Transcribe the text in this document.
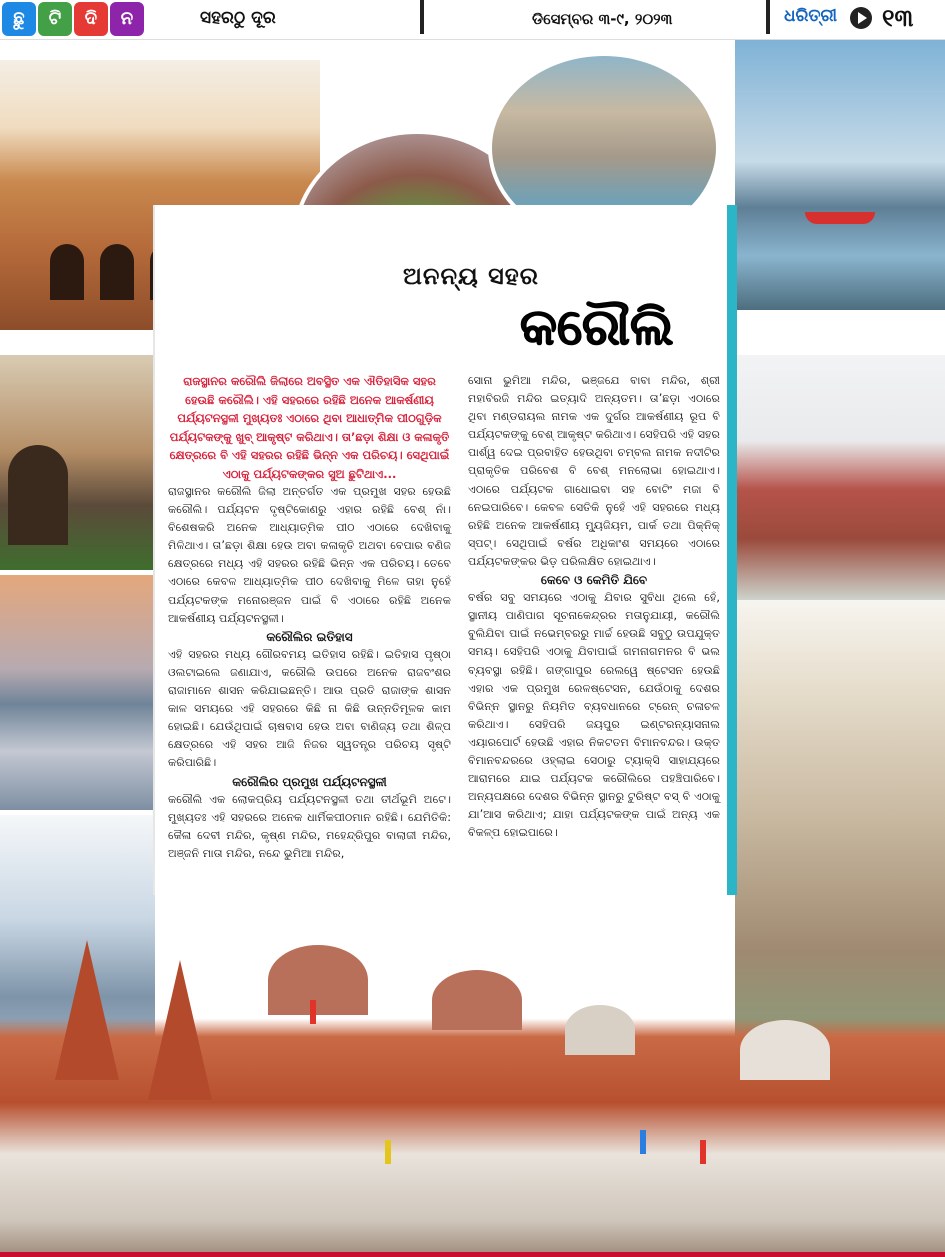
ଛୁ	ଟି	ଦି	ନ	ସହରଠୁ ଦୂର	ଡିସେମ୍ବର ୩-୯, ୨୦୨୩	ଧରିତ୍ରୀ ୧୩
ଅନନ୍ୟ ସହର
କରୌଲି

ରାଜସ୍ଥାନର କରୌଲି ଜିଲାରେ ଅବସ୍ଥିତ ଏକ ଐତିହାସିକ ସହର ହେଉଛି କରୌଲି। ଏହି ସହରରେ ରହିଛି ଅନେକ ଆକର୍ଷଣୀୟ ପର୍ଯ୍ୟଟନସ୍ଥଳୀ ମୁଖ୍ୟତଃ ଏଠାରେ ଥିବା ଆଧାତ୍ମିକ ପୀଠଗୁଡ଼ିକ ପର୍ଯ୍ୟଟକଙ୍କୁ ଖୁବ୍ ଆକୃଷ୍ଟ କରିଥାଏ। ତା’ଛଡ଼ା ଶିକ୍ଷା ଓ କଳାକୃତି କ୍ଷେତ୍ରରେ ବି ଏହି ସହରର ରହିଛି ଭିନ୍ନ ଏକ ପରିଚୟ। ସେଥିପାଇଁ ଏଠାକୁ ପର୍ଯ୍ୟଟକଙ୍କର ସୁଅ ଛୁଟିଥାଏ...

ରାଜସ୍ଥାନର କରୌଲି ଜିଲା ଅନ୍ତର୍ଗତ ଏକ ପ୍ରମୁଖ ସହର ହେଉଛି କରୌଲି। ପର୍ଯ୍ୟଟନ ଦୃଷ୍ଟିକୋଣରୁ ଏହାର ରହିଛି ବେଶ୍ ନାଁ। ବିଶେଷକରି ଅନେକ ଆଧ୍ୟାତ୍ମିକ ପୀଠ ଏଠାରେ ଦେଖିବାକୁ ମିଳିଥାଏ। ତା’ଛଡ଼ା ଶିକ୍ଷା ହେଉ ଅବା କଳାକୃତି ଅଥବା ବେପାର ବଣିଜ କ୍ଷେତ୍ରରେ ମଧ୍ୟ ଏହି ସହରର ରହିଛି ଭିନ୍ନ ଏକ ପରିଚୟ। ତେବେ ଏଠାରେ କେବଳ ଆଧ୍ୟାତ୍ମିକ ପୀଠ ଦେଖିବାକୁ ମିଳେ ତାହା ନୁହେଁ ପର୍ଯ୍ୟଟକଙ୍କ ମନୋରଞ୍ଜନ ପାଇଁ ବି ଏଠାରେ ରହିଛି ଅନେକ ଆକର୍ଷଣୀୟ ପର୍ଯ୍ୟଟନସ୍ଥଳୀ।

କରୌଲିର ଇତିହାସ

ଏହି ସହରର ମଧ୍ୟ ଗୌରବମୟ ଇତିହାସ ରହିଛି। ଇତିହାସ ପୃଷ୍ଠା ଓଲଟାଇଲେ ଜଣାଯାଏ, କରୌଲି ଉପରେ ଅନେକ ରାଜବଂଶର ରାଜାମାନେ ଶାସନ କରିଯାଇଛନ୍ତି। ଆଉ ପ୍ରତି ରାଜାଙ୍କ ଶାସନ କାଳ ସମୟରେ ଏହି ସହରରେ କିଛି ନା କିଛି ଉନ୍ନତିମୂଳକ କାମ ହୋଇଛି। ଯେଉଁଥିପାଇଁ ଚାଷବାସ ହେଉ ଅବା ବାଣିଜ୍ୟ ତଥା ଶିଳ୍ପ କ୍ଷେତ୍ରରେ ଏହି ସହର ଆଜି ନିଜର ସ୍ୱତନ୍ତ୍ର ପରିଚୟ ସୃଷ୍ଟି କରିପାରିଛି।

କରୌଲିର ପ୍ରମୁଖ ପର୍ଯ୍ୟଟନସ୍ଥଳୀ

କରୌଲି ଏକ ଲୋକପ୍ରିୟ ପର୍ଯ୍ୟଟନସ୍ଥଳୀ ତଥା ତୀର୍ଥଭୂମି ଅଟେ। ମୁଖ୍ୟତଃ ଏହି ସହରରେ ଅନେକ ଧାର୍ମିକପୀଠମାନ ରହିଛି। ଯେମିତିକି: କୈଳା ଦେବୀ ମନ୍ଦିର, କୃଷ୍ଣ ମନ୍ଦିର, ମହେନ୍ଦ୍ରିପୁର ବାଲାଜୀ ମନ୍ଦିର, ଅଞ୍ଜନି ମାତା ମନ୍ଦିର, ନନ୍ଦେ ଭୁମିଆ ମନ୍ଦିର,

ସୋନା ଭୁମିଆ ମନ୍ଦିର, ଭଞ୍ଜଯେ ବାବା ମନ୍ଦିର, ଶ୍ରୀ ମହାବିରଜି ମନ୍ଦିର ଇତ୍ୟାଦି ଅନ୍ୟତମ। ତା’ଛଡ଼ା ଏଠାରେ ଥିବା ମଣ୍ଡରାୟଲ ନାମକ ଏକ ଦୁର୍ଗର ଆକର୍ଷଣୀୟ ରୂପ ବି ପର୍ଯ୍ୟଟକଙ୍କୁ ବେଶ୍ ଆକୃଷ୍ଟ କରିଥାଏ। ସେହିପରି ଏହି ସହର ପାର୍ଶ୍ୱ ଦେଇ ପ୍ରବାହିତ ହେଉଥିବା ଚମ୍ବଲ ନାମକ ନଦୀଟିର ପ୍ରାକୃତିକ ପରିବେଶ ବି ବେଶ୍ ମନଲୋଭା ହୋଇଥାଏ। ଏଠାରେ ପର୍ଯ୍ୟଟକ ଗାଧୋଇବା ସହ ବୋଟିଂ ମଜା ବି ନେଇପାରିବେ। କେବଳ ସେତିକି ନୁହେଁ ଏହି ସହରରେ ମଧ୍ୟ ରହିଛି ଅନେକ ଆକର୍ଷଣୀୟ ମ୍ୟୁଜିୟମ, ପାର୍କ ତଥା ପିକ୍‌ନିକ୍ ସ୍ପଟ୍। ସେଥିପାଇଁ ବର୍ଷର ଅଧିକାଂଶ ସମୟରେ ଏଠାରେ ପର୍ଯ୍ୟଟକଙ୍କର ଭିଡ଼ ପରିଲକ୍ଷିତ ହୋଇଥାଏ।

କେବେ ଓ କେମିତି ଯିବେ

ବର୍ଷର ସବୁ ସମୟରେ ଏଠାକୁ ଯିବାର ସୁବିଧା ଥିଲେ ହେଁ, ସ୍ଥାନୀୟ ପାଣିପାଗ ସୂଚନାକେନ୍ଦ୍ରର ମତାନୁଯାୟୀ, କରୌଲି ବୁଲିଯିବା ପାଇଁ ନଭେମ୍ବରରୁ ମାର୍ଚ୍ଚ ହେଉଛି ସବୁଠୁ ଉପଯୁକ୍ତ ସମୟ। ସେହିପରି ଏଠାକୁ ଯିବାପାଇଁ ଗମନାଗମନର ବି ଭଲ ବ୍ୟବସ୍ଥା ରହିଛି। ଗଙ୍ଗାପୁର ରେଲୱେ ଷ୍ଟେସନ ହେଉଛି ଏହାର ଏକ ପ୍ରମୁଖ ରେଳଷ୍ଟେସନ, ଯେଉଁଠାକୁ ଦେଶର ବିଭିନ୍ନ ସ୍ଥାନରୁ ନିୟମିତ ବ୍ୟବଧାନରେ ଟ୍ରେନ୍ ଚଳାଚଳ କରିଥାଏ। ସେହିପରି ଜୟପୁର ଇଣ୍ଟରନ୍ୟାସନାଲ ଏୟାରପୋର୍ଟ ହେଉଛି ଏହାର ନିକଟତମ ବିମାନବନ୍ଦର। ଉକ୍ତ ବିମାନବନ୍ଦରରେ ଓହ୍ଲାଇ ସେଠାରୁ ଟ୍ୟାକ୍ସି ସାହାଯ୍ୟରେ ଆରାମରେ ଯାଇ ପର୍ଯ୍ୟଟକ କରୌଲିରେ ପହଞ୍ଚିପାରିବେ। ଅନ୍ୟପକ୍ଷରେ ଦେଶର ବିଭିନ୍ନ ସ୍ଥାନରୁ ଟୁରିଷ୍ଟ ବସ୍ ବି ଏଠାକୁ ଯା’ଆସ କରିଥାଏ; ଯାହା ପର୍ଯ୍ୟଟକଙ୍କ ପାଇଁ ଅନ୍ୟ ଏକ ବିକଳ୍ପ ହୋଇପାରେ।
